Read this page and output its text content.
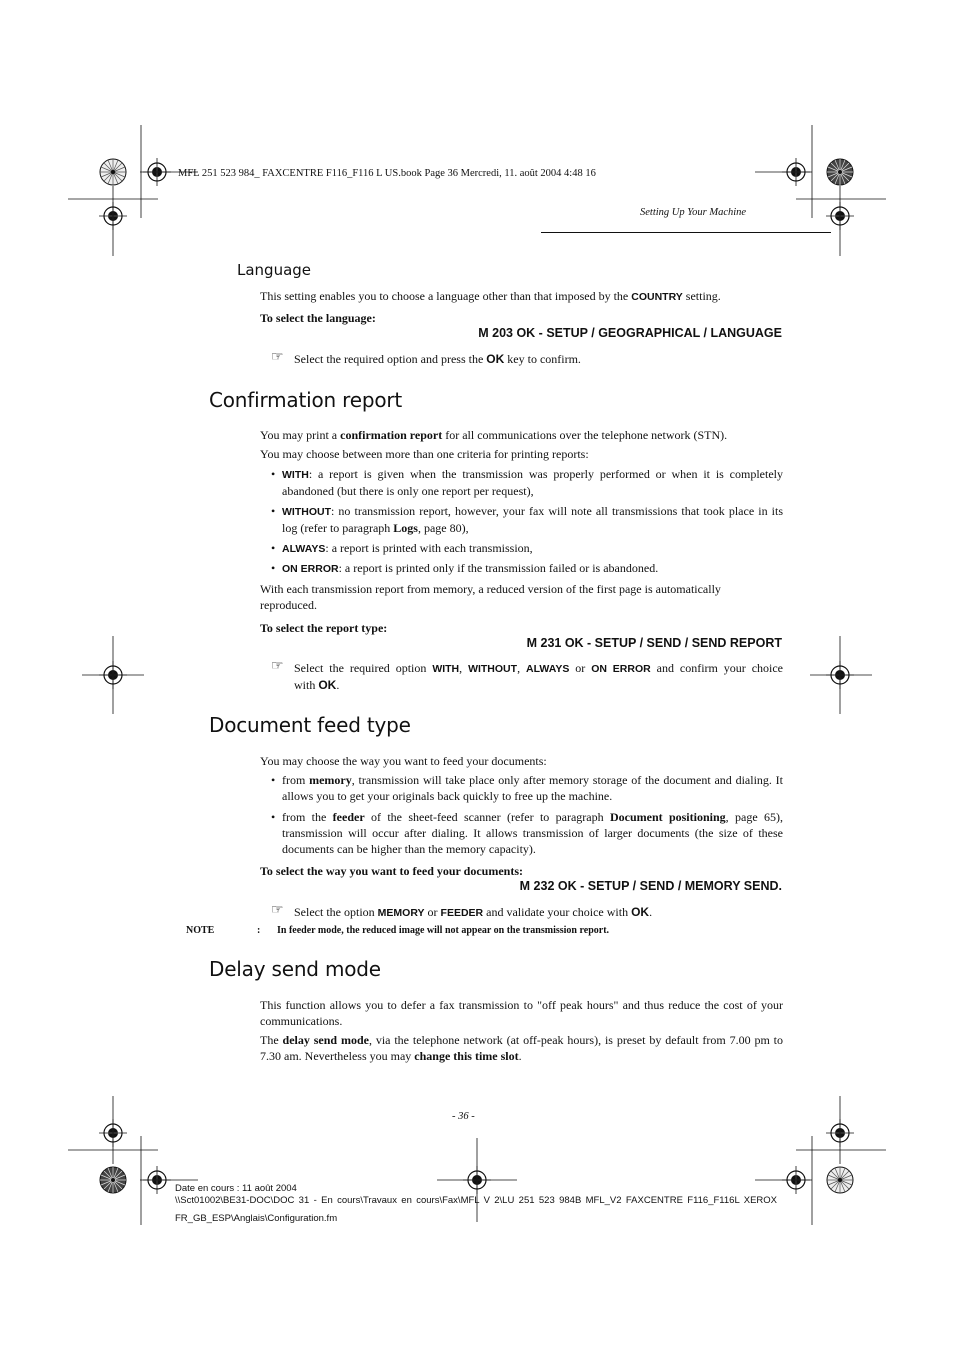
MFL 251 523 984_ FAXCENTRE F116_F116 L US.book Page 36 Mercredi, 11. août 2004 4:48 16
Setting Up Your Machine
Language
This setting enables you to choose a language other than that imposed by the COUNTRY setting.
To select the language:
M 203 OK - SETUP / GEOGRAPHICAL / LANGUAGE
☞ Select the required option and press the OK key to confirm.
Confirmation report
You may print a confirmation report for all communications over the telephone network (STN).
You may choose between more than one criteria for printing reports:
• WITH: a report is given when the transmission was properly performed or when it is completely abandoned (but there is only one report per request),
• WITHOUT: no transmission report, however, your fax will note all transmissions that took place in its log (refer to paragraph Logs, page 80),
• ALWAYS: a report is printed with each transmission,
• ON ERROR: a report is printed only if the transmission failed or is abandoned.
With each transmission report from memory, a reduced version of the first page is automatically reproduced.
To select the report type:
M 231 OK - SETUP / SEND / SEND REPORT
☞ Select the required option WITH, WITHOUT, ALWAYS or ON ERROR and confirm your choice
with OK.
Document feed type
You may choose the way you want to feed your documents:
• from memory, transmission will take place only after memory storage of the document and dialing. It allows you to get your originals back quickly to free up the machine.
• from the feeder of the sheet-feed scanner (refer to paragraph Document positioning, page 65), transmission will occur after dialing. It allows transmission of larger documents (the size of these documents can be higher than the memory capacity).
To select the way you want to feed your documents:
M 232 OK - SETUP / SEND / MEMORY SEND.
☞ Select the option MEMORY or FEEDER and validate your choice with OK.
NOTE	: In feeder mode, the reduced image will not appear on the transmission report.
Delay send mode
This function allows you to defer a fax transmission to "off peak hours" and thus reduce the cost of your communications.
The delay send mode, via the telephone network (at off-peak hours), is preset by default from 7.00 pm to 7.30 am. Nevertheless you may change this time slot.
- 36 -
Date en cours : 11 août 2004
\\Sct01002\BE31-DOC\DOC 31 - En cours\Travaux en cours\Fax\MFL V 2\LU 251 523 984B MFL_V2 FAXCENTRE F116_F116L XEROX
FR_GB_ESP\Anglais\Configuration.fm
